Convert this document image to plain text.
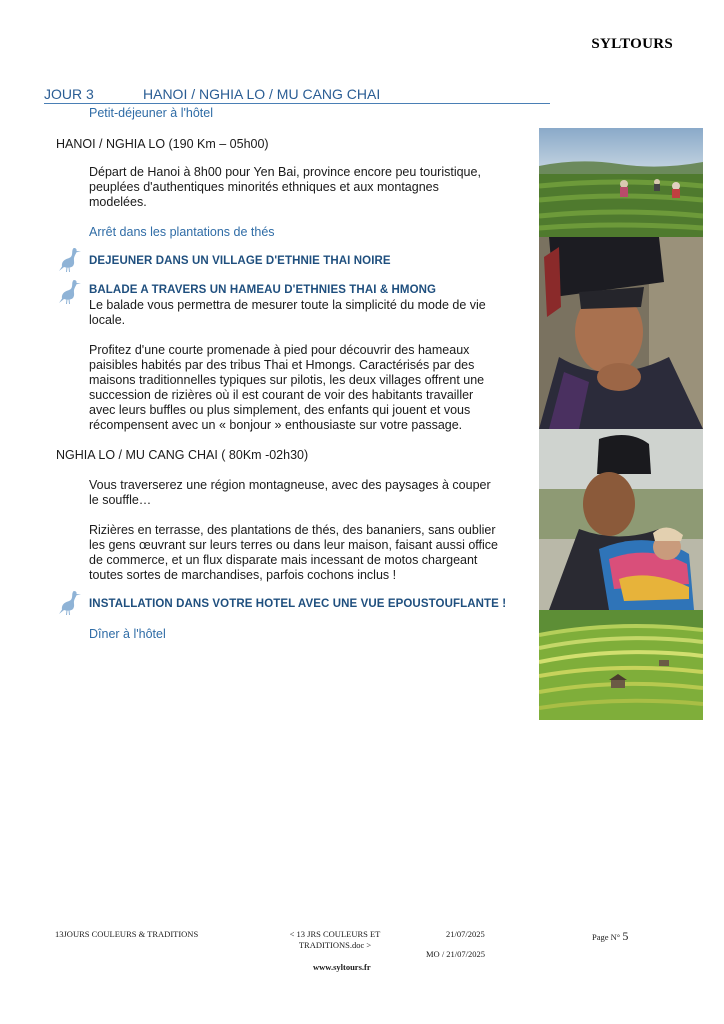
SYLTOURS
JOUR 3	HANOI / NGHIA LO / MU CANG CHAI
Petit-déjeuner à l'hôtel
HANOI / NGHIA LO (190 Km – 05h00)
Départ de Hanoi à 8h00 pour Yen Bai, province encore peu touristique,
peuplées d'authentiques minorités ethniques et aux montagnes
modelées.
Arrêt dans les plantations de thés
DEJEUNER DANS UN VILLAGE D'ETHNIE THAI NOIRE
BALADE A TRAVERS UN HAMEAU D'ETHNIES THAI & HMONG
Le balade vous permettra de mesurer toute la simplicité du mode de vie
locale.
Profitez d'une courte promenade à pied pour découvrir des hameaux
paisibles habités par des tribus Thai et Hmongs. Caractérisés par des
maisons traditionnelles typiques sur pilotis, les deux villages offrent une
succession de rizières où il est courant de voir des habitants travailler
avec leurs buffles ou plus simplement, des enfants qui jouent et vous
récompensent avec un « bonjour » enthousiaste sur votre passage.
NGHIA LO / MU CANG CHAI ( 80Km -02h30)
Vous traverserez une région montagneuse, avec des paysages à couper
le souffle…
Rizières en terrasse, des plantations de thés, des bananiers, sans oublier
les gens œuvrant sur leurs terres ou dans leur maison, faisant aussi office
de commerce, et un flux disparate mais incessant de motos chargeant
toutes sortes de marchandises, parfois cochons inclus !
INSTALLATION DANS VOTRE HOTEL AVEC UNE VUE EPOUSTOUFLANTE !
Dîner à l'hôtel
13JOURS COULEURS & TRADITIONS	< 13 JRS COULEURS ET
TRADITIONS.doc >
21/07/2025
MO / 21/07/2025
Page N° 5
www.syltours.fr
